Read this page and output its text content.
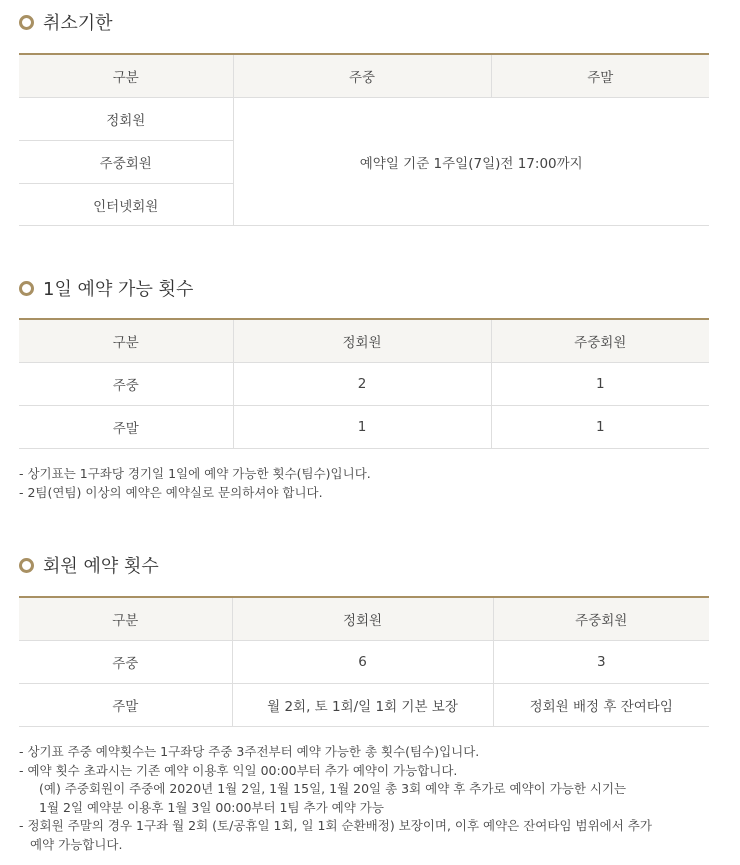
취소기한
구분	주중	주말
정회원	예약일 기준 1주일(7일)전 17:00까지	
주중회원		
인터넷회원		
1일 예약 가능 횟수
구분	정회원	주중회원
주중	2	1
주말	1	1
- 상기표는 1구좌당 경기일 1일에 예약 가능한 횟수(팀수)입니다.
- 2팀(연팀) 이상의 예약은 예약실로 문의하셔야 합니다.
회원 예약 횟수
구분	정회원	주중회원
주중	6	3
주말	월 2회, 토 1회/일 1회 기본 보장	정회원 배정 후 잔여타임
- 상기표 주중 예약횟수는 1구좌당 주중 3주전부터 예약 가능한 총 횟수(팀수)입니다.
- 예약 횟수 초과시는 기존 예약 이용후 익일 00:00부터 추가 예약이 가능합니다.
(예) 주중회원이 주중에 2020년 1월 2일, 1월 15일, 1월 20일 총 3회 예약 후 추가로 예약이 가능한 시기는
1월 2일 예약분 이용후 1월 3일 00:00부터 1팀 추가 예약 가능
- 정회원 주말의 경우 1구좌 월 2회 (토/공휴일 1회, 일 1회 순환배정) 보장이며, 이후 예약은 잔여타임 범위에서 추가
예약 가능합니다.
